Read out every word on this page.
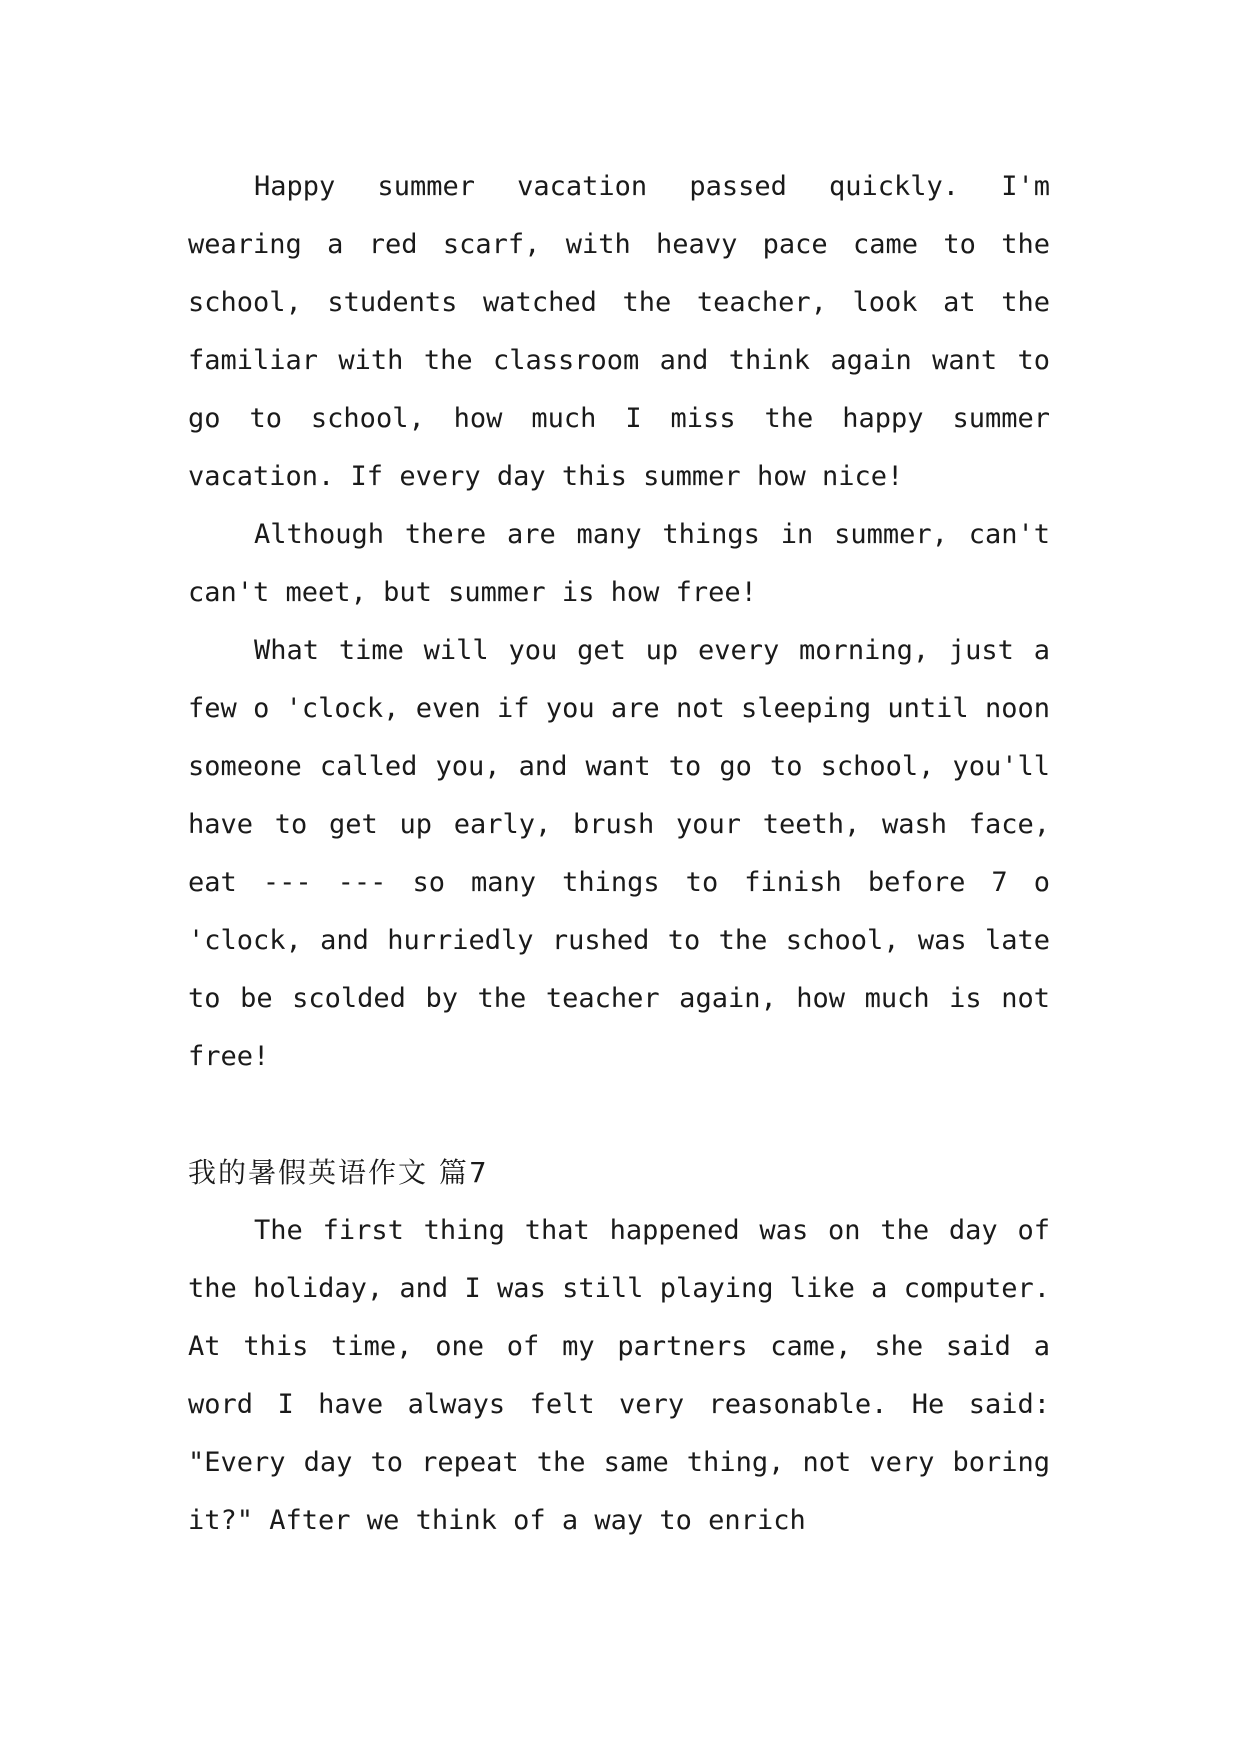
Happy summer vacation passed quickly. I'm wearing a red scarf, with heavy pace came to the school, students watched the teacher, look at the familiar with the classroom and think again want to go to school, how much I miss the happy summer vacation. If every day this summer how nice!

Although there are many things in summer, can't can't meet, but summer is how free!

What time will you get up every morning, just a few o 'clock, even if you are not sleeping until noon someone called you, and want to go to school, you'll have to get up early, brush your teeth, wash face, eat --- --- so many things to finish before 7 o 'clock, and hurriedly rushed to the school, was late to be scolded by the teacher again, how much is not free!

我的暑假英语作文 篇7

The first thing that happened was on the day of the holiday, and I was still playing like a computer. At this time, one of my partners came, she said a word I have always felt very reasonable. He said: "Every day to repeat the same thing, not very boring it?" After we think of a way to enrich
